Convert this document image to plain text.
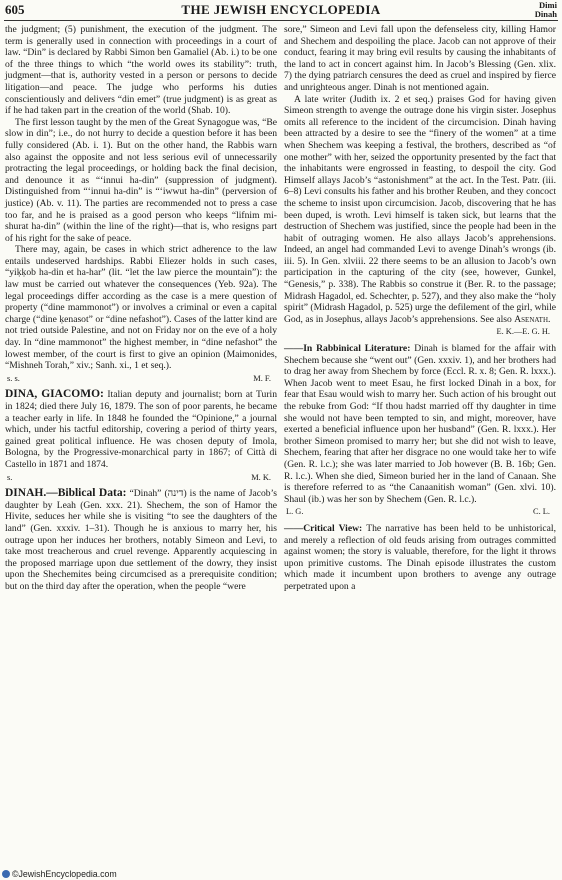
605	THE JEWISH ENCYCLOPEDIA	Dimi
Dinah

the judgment; (5) punishment, the execution of the judgment. The term is generally used in connection with proceedings in a court of law. “Din” is declared by Rabbi Simon ben Gamaliel (Ab. i.) to be one of the three things to which “the world owes its stability”: truth, judgment—that is, authority vested in a person or persons to decide litigation—and peace. The judge who performs his duties conscientiously and delivers “din emet” (true judgment) is as great as if he had taken part in the creation of the world (Shab. 10).

The first lesson taught by the men of the Great Synagogue was, “Be slow in din”; i.e., do not hurry to decide a question before it has been fully considered (Ab. i. 1). But on the other hand, the Rabbis warn also against the opposite and not less serious evil of unnecessarily protracting the legal proceedings, or holding back the final decision, and denounce it as “‘innui ha-din” (suppression of judgment). Distinguished from “‘innui ha-din” is “‘iwwut ha-din” (perversion of justice) (Ab. v. 11). The parties are recommended not to press a case too far, and he is praised as a good person who keeps “lifnim mi-shurat ha-din” (within the line of the right)—that is, who resigns part of his right for the sake of peace.

There may, again, be cases in which strict adherence to the law entails undeserved hardships. Rabbi Eliezer holds in such cases, “yiḳḳob ha-din et ha-har” (lit. “let the law pierce the mountain”): the law must be carried out whatever the consequences (Yeb. 92a). The legal proceedings differ according as the case is a mere question of property (“dine mammonot”) or involves a criminal or even a capital charge (“dine ḳenasot” or “dine nefashot”). Cases of the latter kind are not tried outside Palestine, and not on Friday nor on the eve of a holy day. In “dine mammonot” the highest member, in “dine nefashot” the lowest member, of the court is first to give an opinion (Maimonides, “Mishneh Torah,” xiv.; Sanh. xi., 1 et seq.).

s. s.	M. F.

DINA, GIACOMO: Italian deputy and journalist; born at Turin in 1824; died there July 16, 1879. The son of poor parents, he became a teacher early in life. In 1848 he founded the “Opinione,” a journal which, under his tactful editorship, covering a period of thirty years, gained great political influence. He was chosen deputy of Imola, Bologna, by the Progressive-monarchical party in 1867; of Città di Castello in 1871 and 1874.

s.	M. K.

DINAH.—Biblical Data: “Dinah” (דינה) is the name of Jacob’s daughter by Leah (Gen. xxx. 21). Shechem, the son of Hamor the Hivite, seduces her while she is visiting “to see the daughters of the land” (Gen. xxxiv. 1–31). Though he is anxious to marry her, his outrage upon her induces her brothers, notably Simeon and Levi, to take most treacherous and cruel revenge. Apparently acquiescing in the proposed marriage upon due settlement of the dowry, they insist upon the Shechemites being circumcised as a prerequisite condition; but on the third day after the operation, when the people “were

sore,” Simeon and Levi fall upon the defenseless city, killing Hamor and Shechem and despoiling the place. Jacob can not approve of their conduct, fearing it may bring evil results by causing the inhabitants of the land to act in concert against him. In Jacob’s Blessing (Gen. xlix. 7) the dying patriarch censures the deed as cruel and inspired by fierce and unrighteous anger. Dinah is not mentioned again.

A late writer (Judith ix. 2 et seq.) praises God for having given Simeon strength to avenge the outrage done his virgin sister. Josephus omits all reference to the incident of the circumcision. Dinah having been attracted by a desire to see the “finery of the women” at a time when Shechem was keeping a festival, the brothers, described as “of one mother” with her, seized the opportunity presented by the fact that the inhabitants were engrossed in feasting, to despoil the city. God Himself allays Jacob’s “astonishment” at the act. In the Test. Patr. (iii. 6–8) Levi consults his father and his brother Reuben, and they concoct the scheme to insist upon circumcision. Jacob, discovering that he has been duped, is wroth. Levi himself is taken sick, but learns that the destruction of Shechem was justified, since the people had been in the habit of outraging women. He also allays Jacob’s apprehensions. Indeed, an angel had commanded Levi to avenge Dinah’s wrongs (ib. iii. 5). In Gen. xlviii. 22 there seems to be an allusion to Jacob’s own participation in the capturing of the city (see, however, Gunkel, “Genesis,” p. 338). The Rabbis so construe it (Ber. R. to the passage; Midrash Hagadol, ed. Schechter, p. 527), and they also make the “holy spirit” (Midrash Hagadol, p. 525) urge the defilement of the girl, while God, as in Josephus, allays Jacob’s apprehensions. See also Asenath.

E. K.—E. G. H.

——In Rabbinical Literature: Dinah is blamed for the affair with Shechem because she “went out” (Gen. xxxiv. 1), and her brothers had to drag her away from Shechem by force (Eccl. R. x. 8; Gen. R. lxxx.). When Jacob went to meet Esau, he first locked Dinah in a box, for fear that Esau would wish to marry her. Such action of his brought out the rebuke from God: “If thou hadst married off thy daughter in time she would not have been tempted to sin, and might, moreover, have exerted a beneficial influence upon her husband” (Gen. R. lxxx.). Her brother Simeon promised to marry her; but she did not wish to leave, Shechem, fearing that after her disgrace no one would take her to wife (Gen. R. l.c.); she was later married to Job however (B. B. 16b; Gen. R. l.c.). When she died, Simeon buried her in the land of Canaan. She is therefore referred to as “the Canaanitish woman” (Gen. xlvi. 10). Shaul (ib.) was her son by Shechem (Gen. R. l.c.).

L. G.	C. L.

——Critical View: The narrative has been held to be unhistorical, and merely a reflection of old feuds arising from outrages committed against women; the story is valuable, therefore, for the light it throws upon primitive customs. The Dinah episode illustrates the custom which made it incumbent upon brothers to avenge any outrage perpetrated upon a

©JewishEncyclopedia.com
